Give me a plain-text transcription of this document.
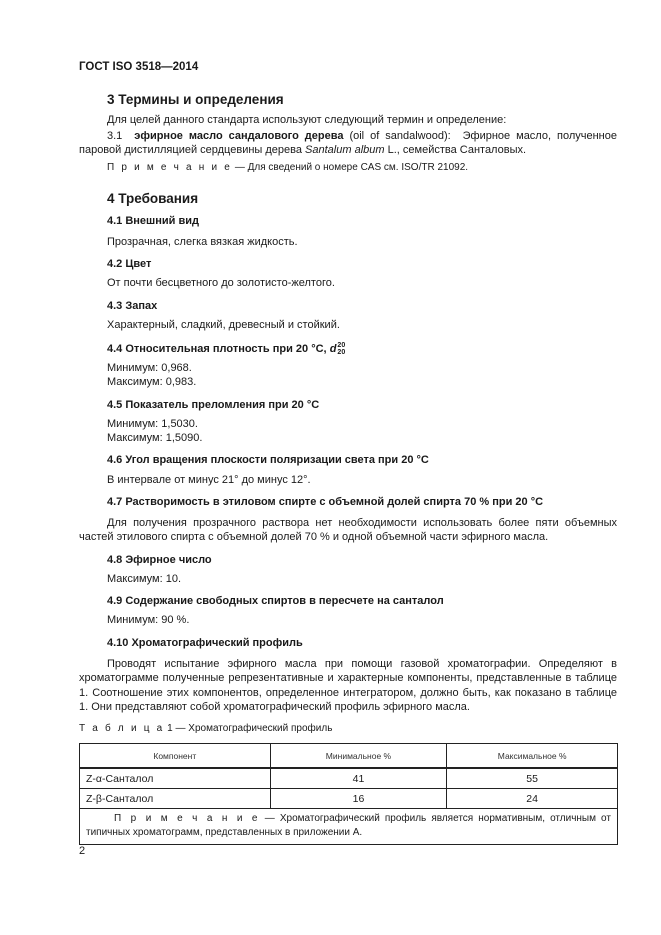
ГОСТ ISO 3518—2014
3 Термины и определения
Для целей данного стандарта используют следующий термин и определение:
3.1 эфирное масло сандалового дерева (oil of sandalwood): Эфирное масло, полученное паровой дистилляцией сердцевины дерева Santalum album L., семейства Санталовых.
П р и м е ч а н и е — Для сведений о номере CAS см. ISO/TR 21092.
4 Требования
4.1 Внешний вид
Прозрачная, слегка вязкая жидкость.
4.2 Цвет
От почти бесцветного до золотисто-желтого.
4.3 Запах
Характерный, сладкий, древесный и стойкий.
4.4 Относительная плотность при 20 °С, d20
20
Минимум: 0,968.
Максимум: 0,983.
4.5 Показатель преломления при 20 °С
Минимум: 1,5030.
Максимум: 1,5090.
4.6 Угол вращения плоскости поляризации света при 20 °С
В интервале от минус 21° до минус 12°.
4.7 Растворимость в этиловом спирте с объемной долей спирта 70 % при 20 °С
Для получения прозрачного раствора нет необходимости использовать более пяти объемных частей этилового спирта с объемной долей 70 % и одной объемной части эфирного масла.
4.8 Эфирное число
Максимум: 10.
4.9 Содержание свободных спиртов в пересчете на санталол
Минимум: 90 %.
4.10 Хроматографический профиль
Проводят испытание эфирного масла при помощи газовой хроматографии. Определяют в хроматограмме полученные репрезентативные и характерные компоненты, представленные в таблице 1. Соотношение этих компонентов, определенное интегратором, должно быть, как показано в таблице 1. Они представляют собой хроматографический профиль эфирного масла.
Т а б л и ц а 1 — Хроматографический профиль
Компонент	Минимальное %	Максимальное %
Z-α-Санталол	41	55
Z-β-Санталол	16	24
П р и м е ч а н и е — Хроматографический профиль является нормативным, отличным от типичных хроматограмм, представленных в приложении А.		
2
